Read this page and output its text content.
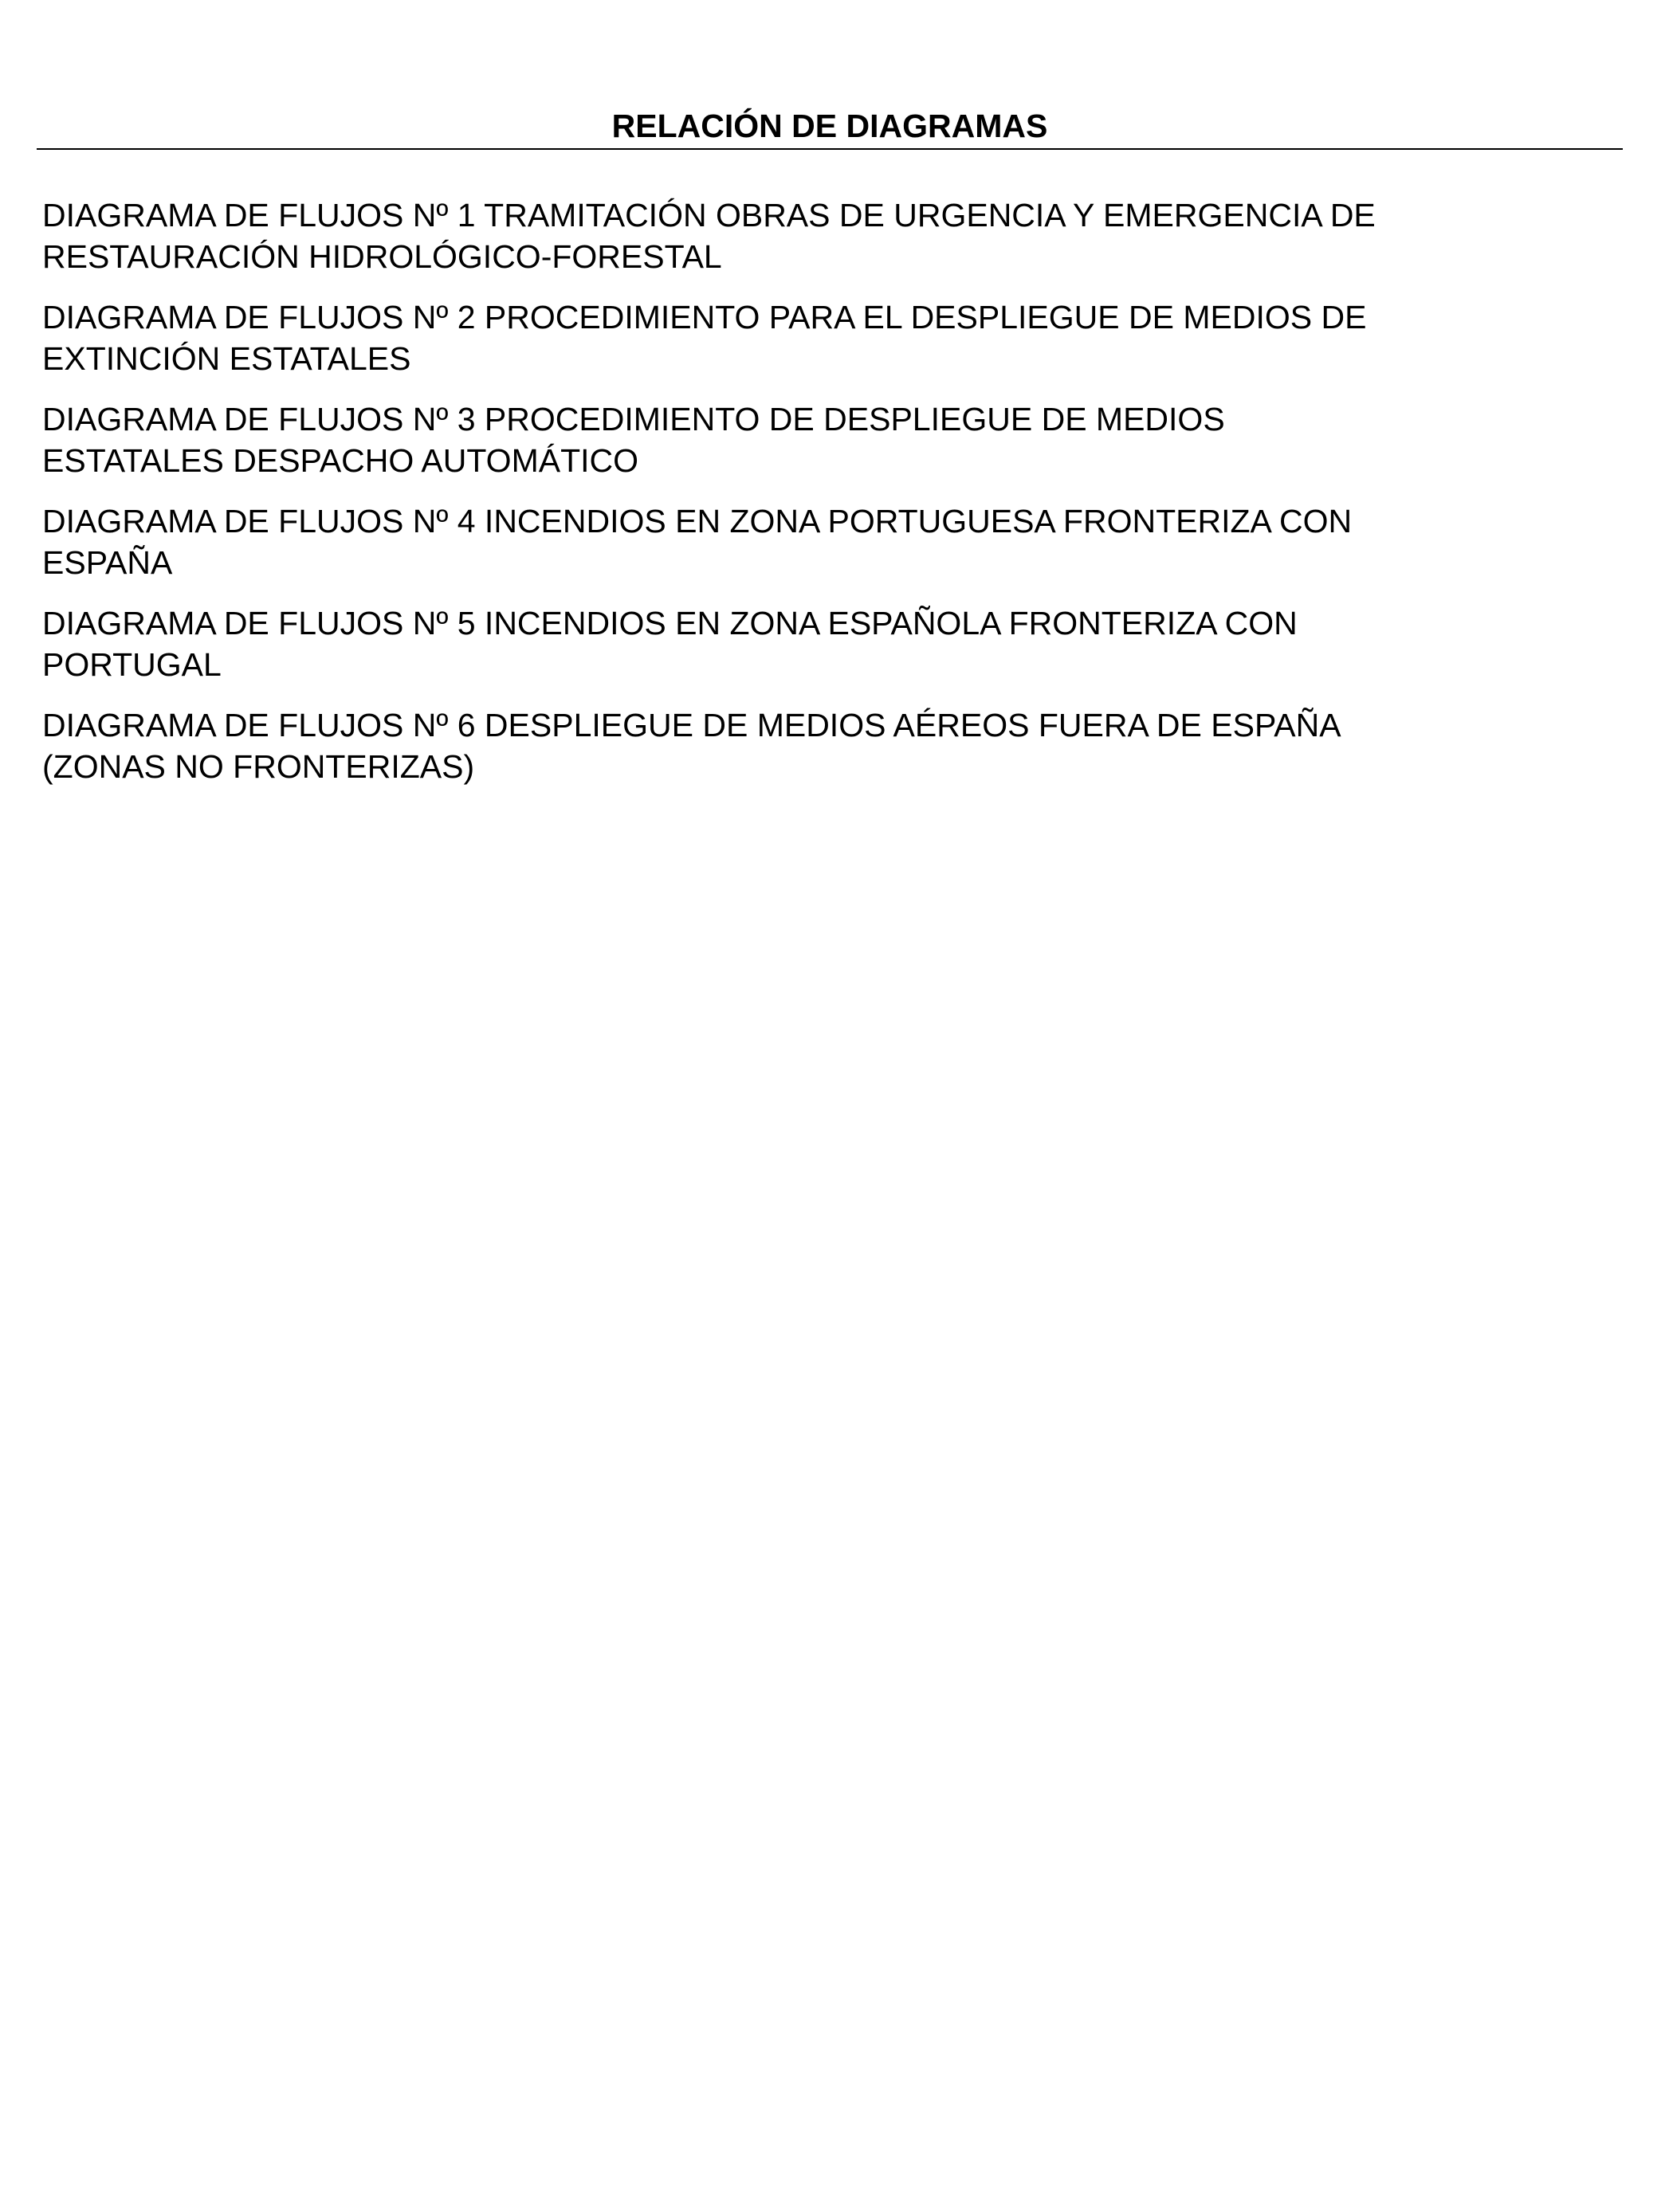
RELACIÓN DE DIAGRAMAS
DIAGRAMA DE FLUJOS Nº 1 TRAMITACIÓN OBRAS DE URGENCIA Y EMERGENCIA DE
RESTAURACIÓN HIDROLÓGICO-FORESTAL
DIAGRAMA DE FLUJOS Nº 2 PROCEDIMIENTO PARA EL DESPLIEGUE DE MEDIOS DE
EXTINCIÓN ESTATALES
DIAGRAMA DE FLUJOS Nº 3 PROCEDIMIENTO DE DESPLIEGUE DE MEDIOS
ESTATALES DESPACHO AUTOMÁTICO
DIAGRAMA DE FLUJOS Nº 4 INCENDIOS EN ZONA PORTUGUESA FRONTERIZA CON
ESPAÑA
DIAGRAMA DE FLUJOS Nº 5 INCENDIOS EN ZONA ESPAÑOLA FRONTERIZA CON
PORTUGAL
DIAGRAMA DE FLUJOS Nº 6 DESPLIEGUE DE MEDIOS AÉREOS FUERA DE ESPAÑA
(ZONAS NO FRONTERIZAS)
